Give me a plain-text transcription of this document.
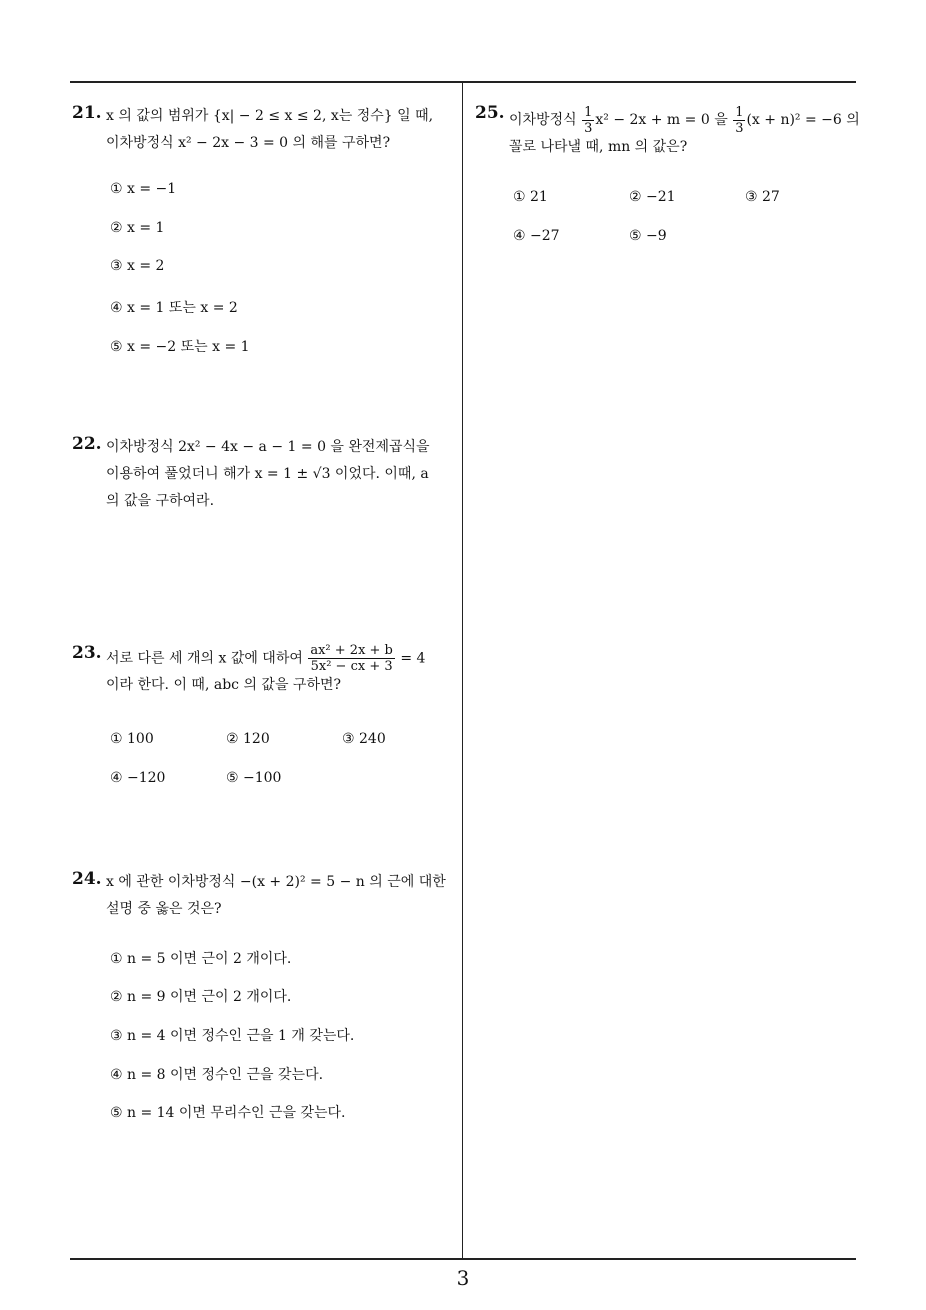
21. x 의 값의 범위가 {x| − 2 ≤ x ≤ 2, x는 정수} 일 때,
이차방정식 x² − 2x − 3 = 0 의 해를 구하면?
① x = −1
② x = 1
③ x = 2
④ x = 1 또는 x = 2
⑤ x = −2 또는 x = 1
22. 이차방정식 2x² − 4x − a − 1 = 0 을 완전제곱식을
이용하여 풀었더니 해가 x = 1 ± √3 이었다. 이때, a
의 값을 구하여라.
23. 서로 다른 세 개의 x 값에 대하여 $\frac{\text{ax² + 2x + b}}{\text{5x² − cx + 3}} = 4$
이라 한다. 이 때, abc 의 값을 구하면?
① 100	② 120	③ 240
④ −120	⑤ −100
24. x 에 관한 이차방정식 −(x + 2)² = 5 − n 의 근에 대한
설명 중 옳은 것은?
① n = 5 이면 근이 2 개이다.
② n = 9 이면 근이 2 개이다.
③ n = 4 이면 정수인 근을 1 개 갖는다.
④ n = 8 이면 정수인 근을 갖는다.
⑤ n = 14 이면 무리수인 근을 갖는다.
25. 이차방정식 $\frac{1}{3} x^2 - 2x + m = 0$ 을 $\frac{1}{3} (x + n)^2 = -6$ 의
꼴로 나타낼 때, mn 의 값은?
① 21	② −21	③ 27
④ −27	⑤ −9
3
